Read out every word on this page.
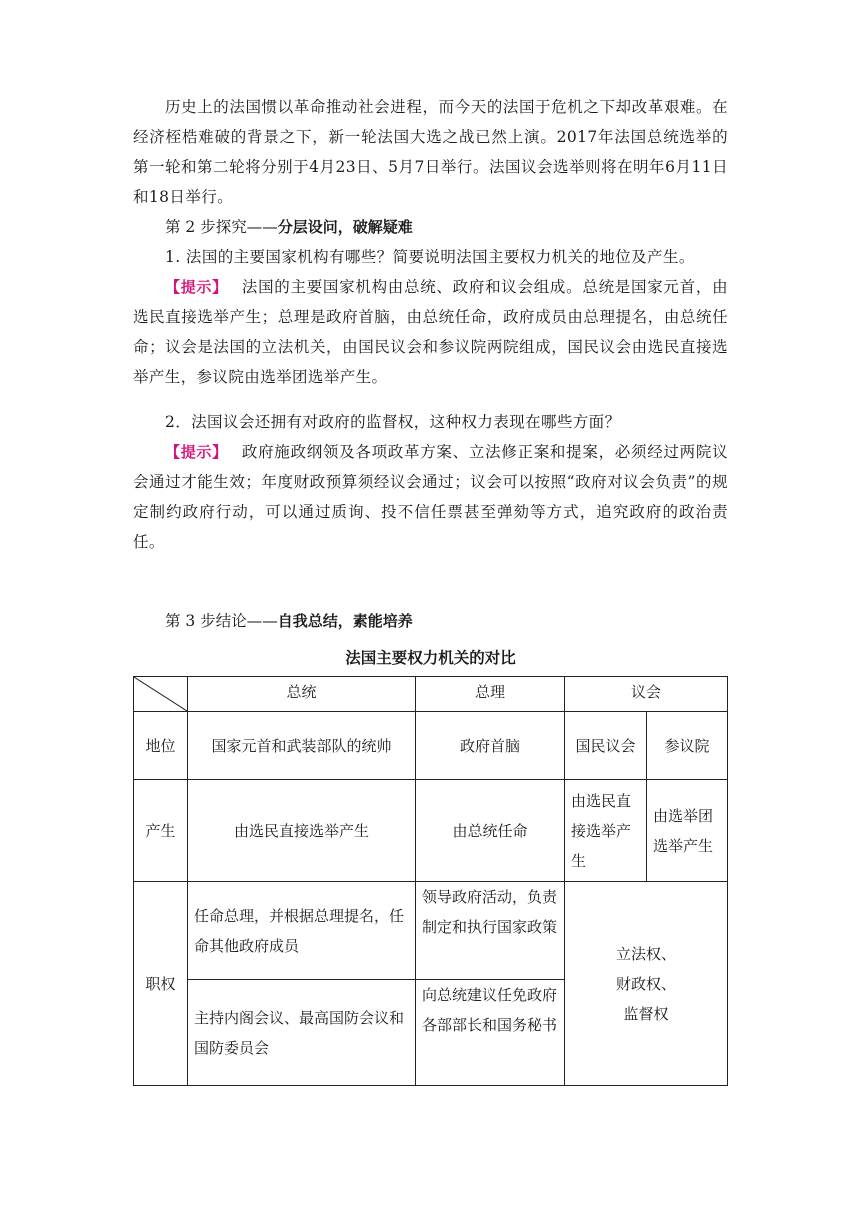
历史上的法国惯以革命推动社会进程，而今天的法国于危机之下却改革艰难。在经济桎梏难破的背景之下，新一轮法国大选之战已然上演。2017年法国总统选举的第一轮和第二轮将分别于4月23日、5月7日举行。法国议会选举则将在明年6月11日和18日举行。

第 2 步探究——分层设问，破解疑难

1. 法国的主要国家机构有哪些？简要说明法国主要权力机关的地位及产生。

【提示】 法国的主要国家机构由总统、政府和议会组成。总统是国家元首，由选民直接选举产生；总理是政府首脑，由总统任命，政府成员由总理提名，由总统任命；议会是法国的立法机关，由国民议会和参议院两院组成，国民议会由选民直接选举产生，参议院由选举团选举产生。

2．法国议会还拥有对政府的监督权，这种权力表现在哪些方面？

【提示】 政府施政纲领及各项政革方案、立法修正案和提案，必须经过两院议会通过才能生效；年度财政预算须经议会通过；议会可以按照“政府对议会负责”的规定制约政府行动，可以通过质询、投不信任票甚至弹劾等方式，追究政府的政治责任。

第 3 步结论——自我总结，素能培养
法国主要权力机关的对比
	总统	总理	议会	
地位	国家元首和武装部队的统帅	政府首脑	国民议会	参议院
产生	由选民直接选举产生	由总统任命	由选民直接选举产生	由选举团选举产生
职权	任命总理，并根据总理提名，任命其他政府成员	领导政府活动，负责制定和执行国家政策	立法权、
财政权、
监督权	

	主持内阁会议、最高国防会议和国防委员会	向总统建议任免政府各部部长和国务秘书		
